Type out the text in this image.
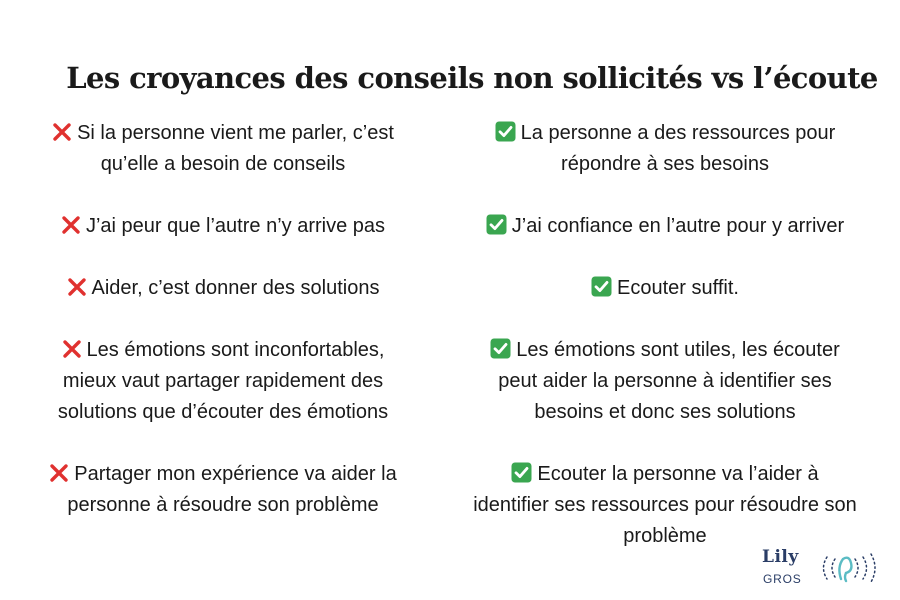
Les croyances des conseils non sollicités vs l’écoute
Si la personne vient me parler, c’est
qu’elle a besoin de conseils
J’ai peur que l’autre n’y arrive pas
Aider, c’est donner des solutions
Les émotions sont inconfortables,
mieux vaut partager rapidement des
solutions que d’écouter des émotions
Partager mon expérience va aider la
personne à résoudre son problème
La personne a des ressources pour
répondre à ses besoins
J’ai confiance en l’autre pour y arriver
Ecouter suffit.
Les émotions sont utiles, les écouter
peut aider la personne à identifier ses
besoins et donc ses solutions
Ecouter la personne va l’aider à
identifier ses ressources pour résoudre son
problème
Lily
GROS
